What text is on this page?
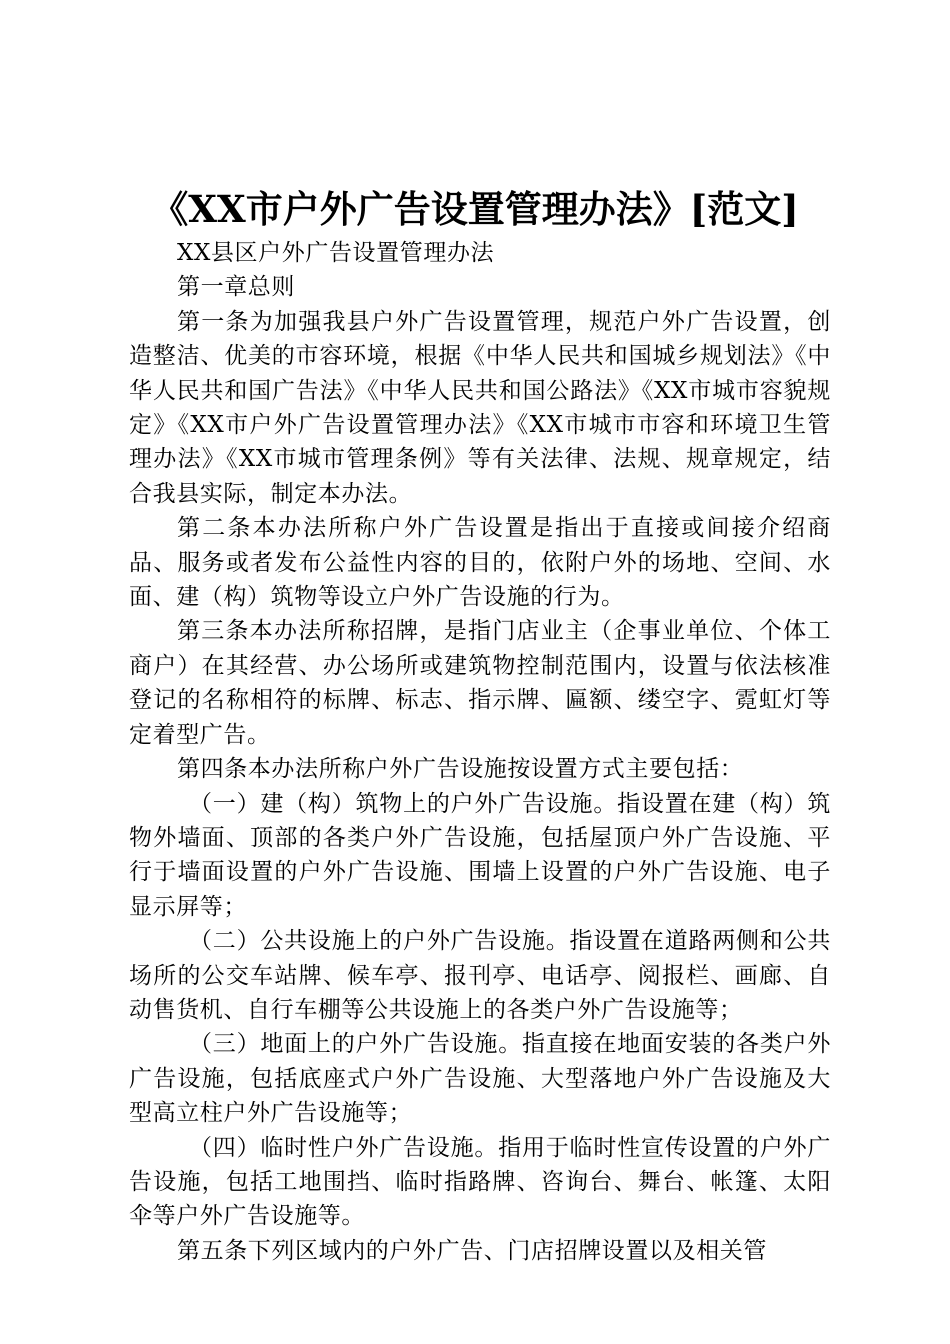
《XX市户外广告设置管理办法》[范文]

XX县区户外广告设置管理办法

第一章总则

第一条为加强我县户外广告设置管理，规范户外广告设置，创造整洁、优美的市容环境，根据《中华人民共和国城乡规划法》《中华人民共和国广告法》《中华人民共和国公路法》《XX市城市容貌规定》《XX市户外广告设置管理办法》《XX市城市市容和环境卫生管理办法》《XX市城市管理条例》等有关法律、法规、规章规定，结合我县实际，制定本办法。

第二条本办法所称户外广告设置是指出于直接或间接介绍商品、服务或者发布公益性内容的目的，依附户外的场地、空间、水面、建（构）筑物等设立户外广告设施的行为。

第三条本办法所称招牌，是指门店业主（企事业单位、个体工商户）在其经营、办公场所或建筑物控制范围内，设置与依法核准登记的名称相符的标牌、标志、指示牌、匾额、缕空字、霓虹灯等定着型广告。

第四条本办法所称户外广告设施按设置方式主要包括：

（一）建（构）筑物上的户外广告设施。指设置在建（构）筑物外墙面、顶部的各类户外广告设施，包括屋顶户外广告设施、平行于墙面设置的户外广告设施、围墙上设置的户外广告设施、电子显示屏等；

（二）公共设施上的户外广告设施。指设置在道路两侧和公共场所的公交车站牌、候车亭、报刊亭、电话亭、阅报栏、画廊、自动售货机、自行车棚等公共设施上的各类户外广告设施等；

（三）地面上的户外广告设施。指直接在地面安装的各类户外广告设施，包括底座式户外广告设施、大型落地户外广告设施及大型高立柱户外广告设施等；

（四）临时性户外广告设施。指用于临时性宣传设置的户外广告设施，包括工地围挡、临时指路牌、咨询台、舞台、帐篷、太阳伞等户外广告设施等。

第五条下列区域内的户外广告、门店招牌设置以及相关管
